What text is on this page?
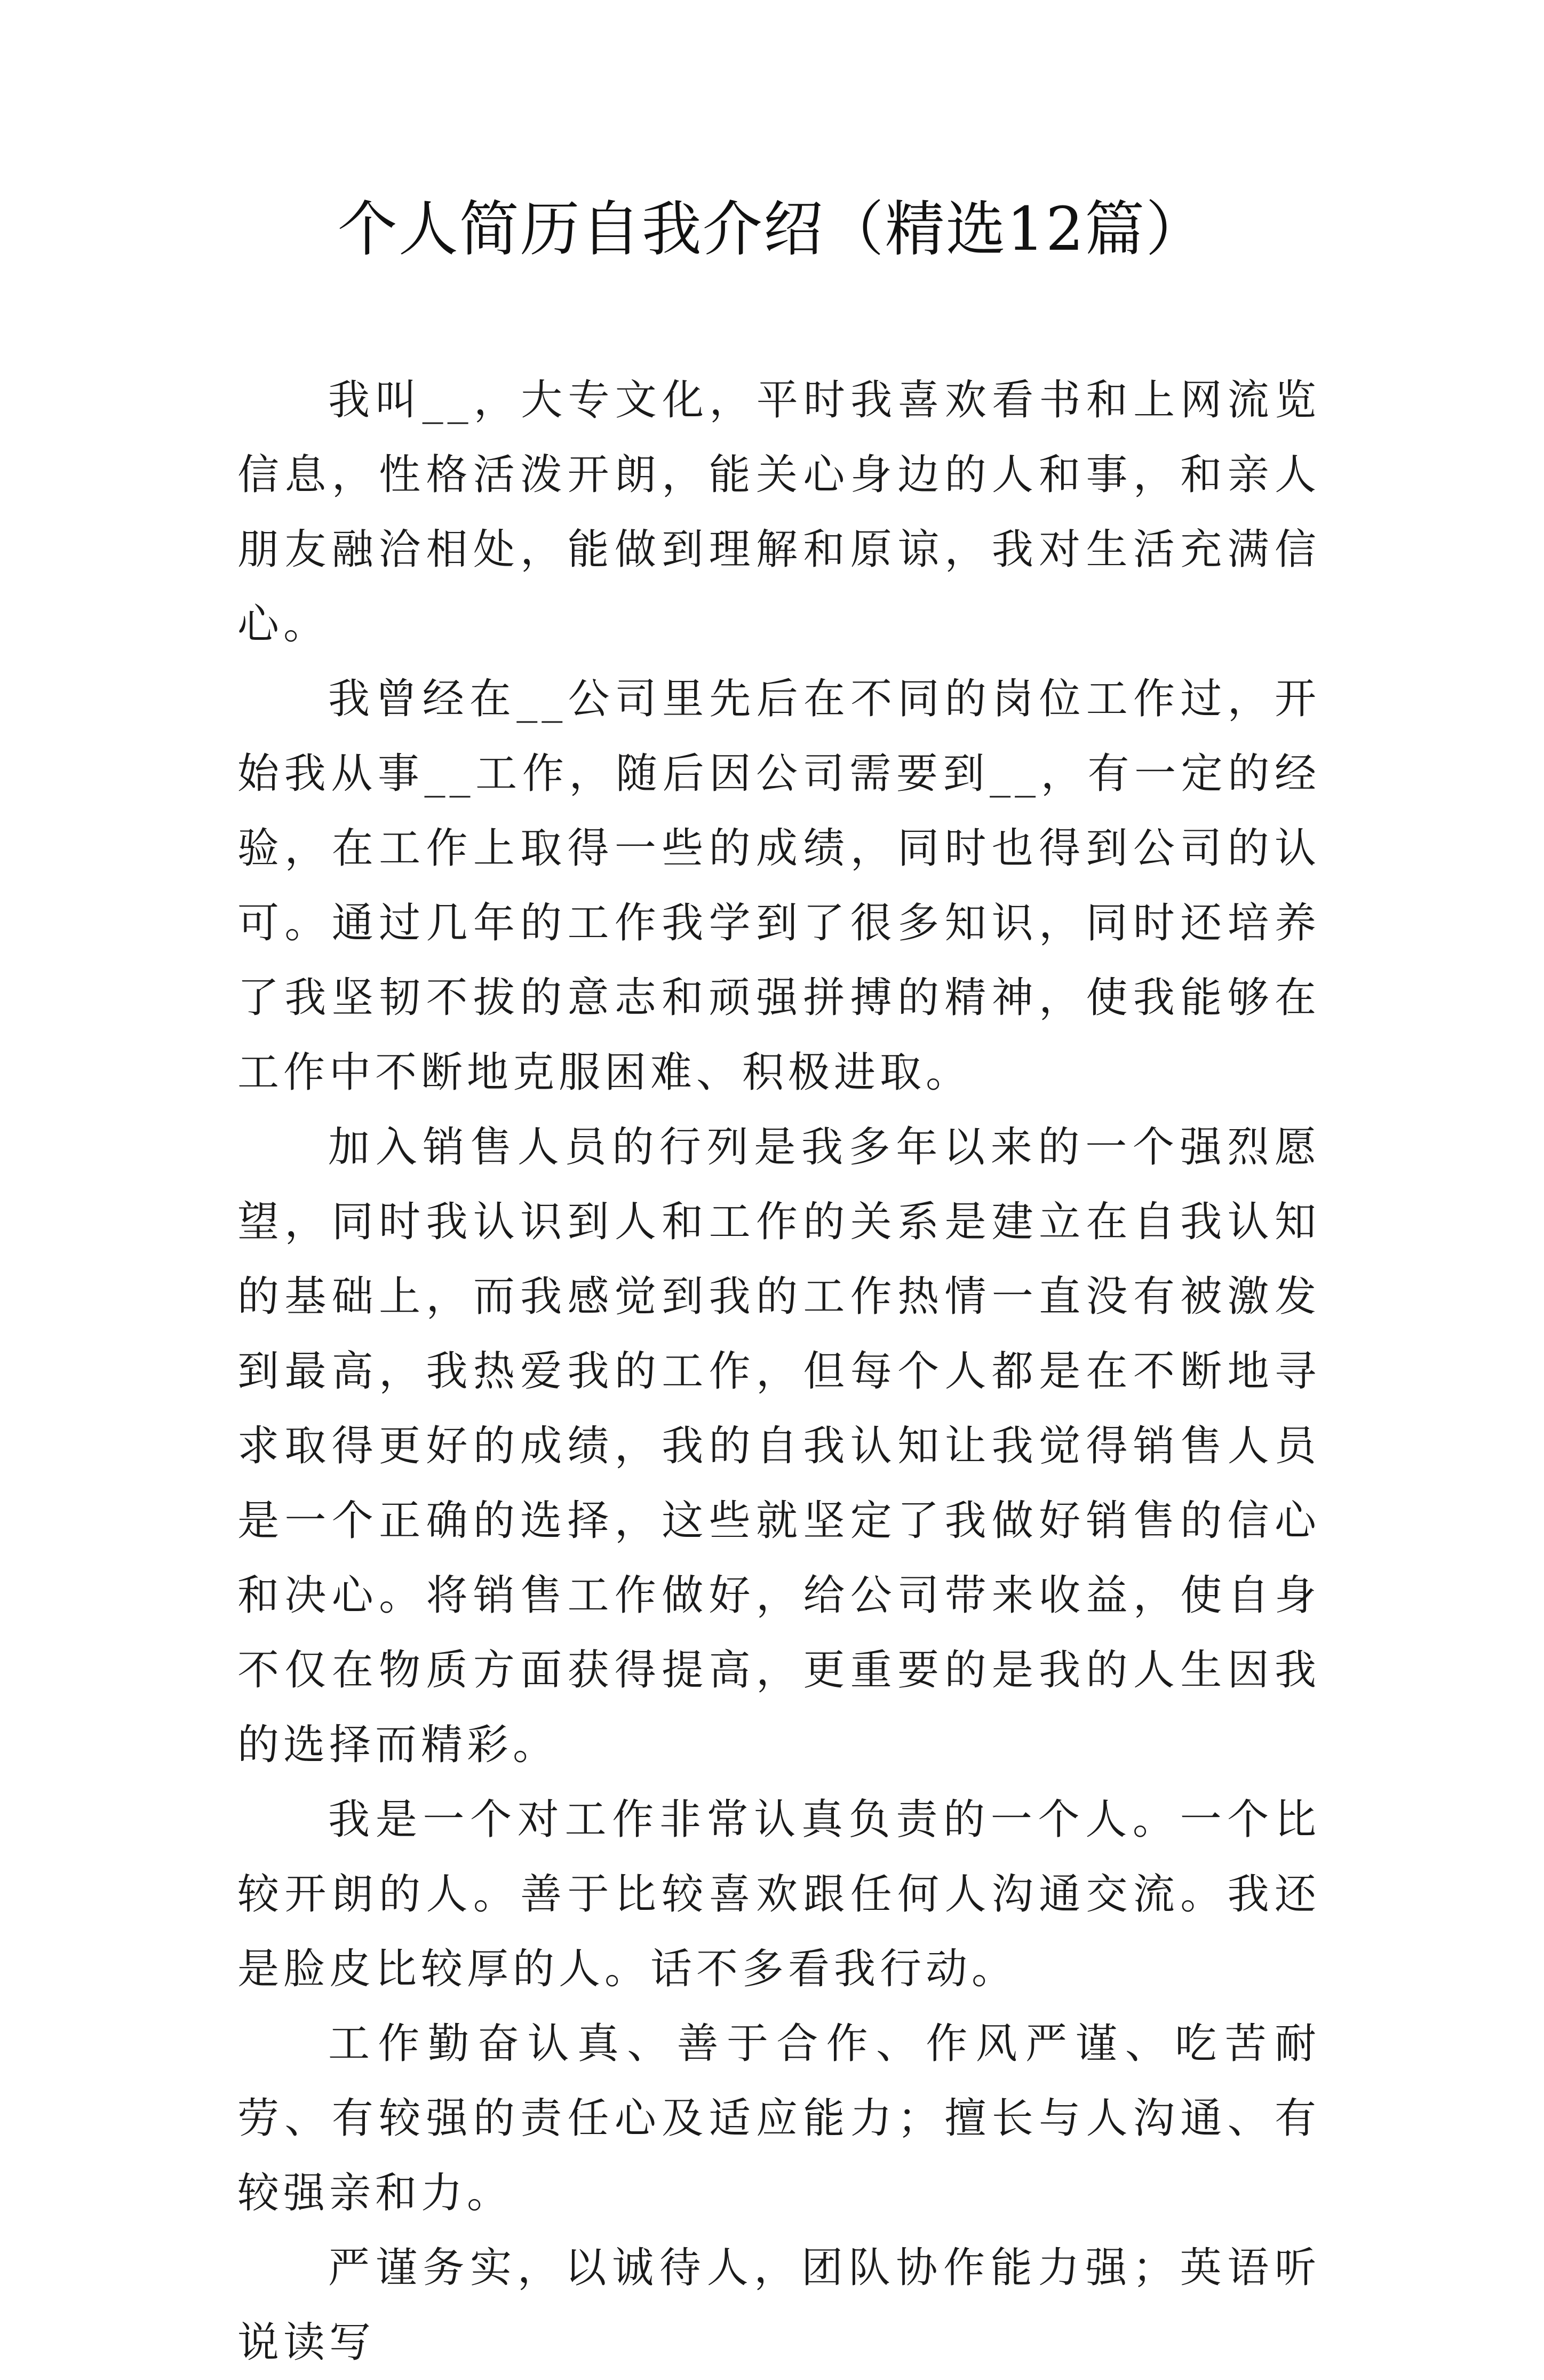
个人简历自我介绍（精选12篇）

我叫__，大专文化，平时我喜欢看书和上网流览信息，性格活泼开朗，能关心身边的人和事，和亲人朋友融洽相处，能做到理解和原谅，我对生活充满信心。

我曾经在__公司里先后在不同的岗位工作过，开始我从事__工作，随后因公司需要到__，有一定的经验，在工作上取得一些的成绩，同时也得到公司的认可。通过几年的工作我学到了很多知识，同时还培养了我坚韧不拔的意志和顽强拼搏的精神，使我能够在工作中不断地克服困难、积极进取。

加入销售人员的行列是我多年以来的一个强烈愿望，同时我认识到人和工作的关系是建立在自我认知的基础上，而我感觉到我的工作热情一直没有被激发到最高，我热爱我的工作，但每个人都是在不断地寻求取得更好的成绩，我的自我认知让我觉得销售人员是一个正确的选择，这些就坚定了我做好销售的信心和决心。将销售工作做好，给公司带来收益，使自身不仅在物质方面获得提高，更重要的是我的人生因我的选择而精彩。

我是一个对工作非常认真负责的一个人。一个比较开朗的人。善于比较喜欢跟任何人沟通交流。我还是脸皮比较厚的人。话不多看我行动。

工作勤奋认真、善于合作、作风严谨、吃苦耐劳、有较强的责任心及适应能力；擅长与人沟通、有较强亲和力。

严谨务实，以诚待人，团队协作能力强；英语听说读写
